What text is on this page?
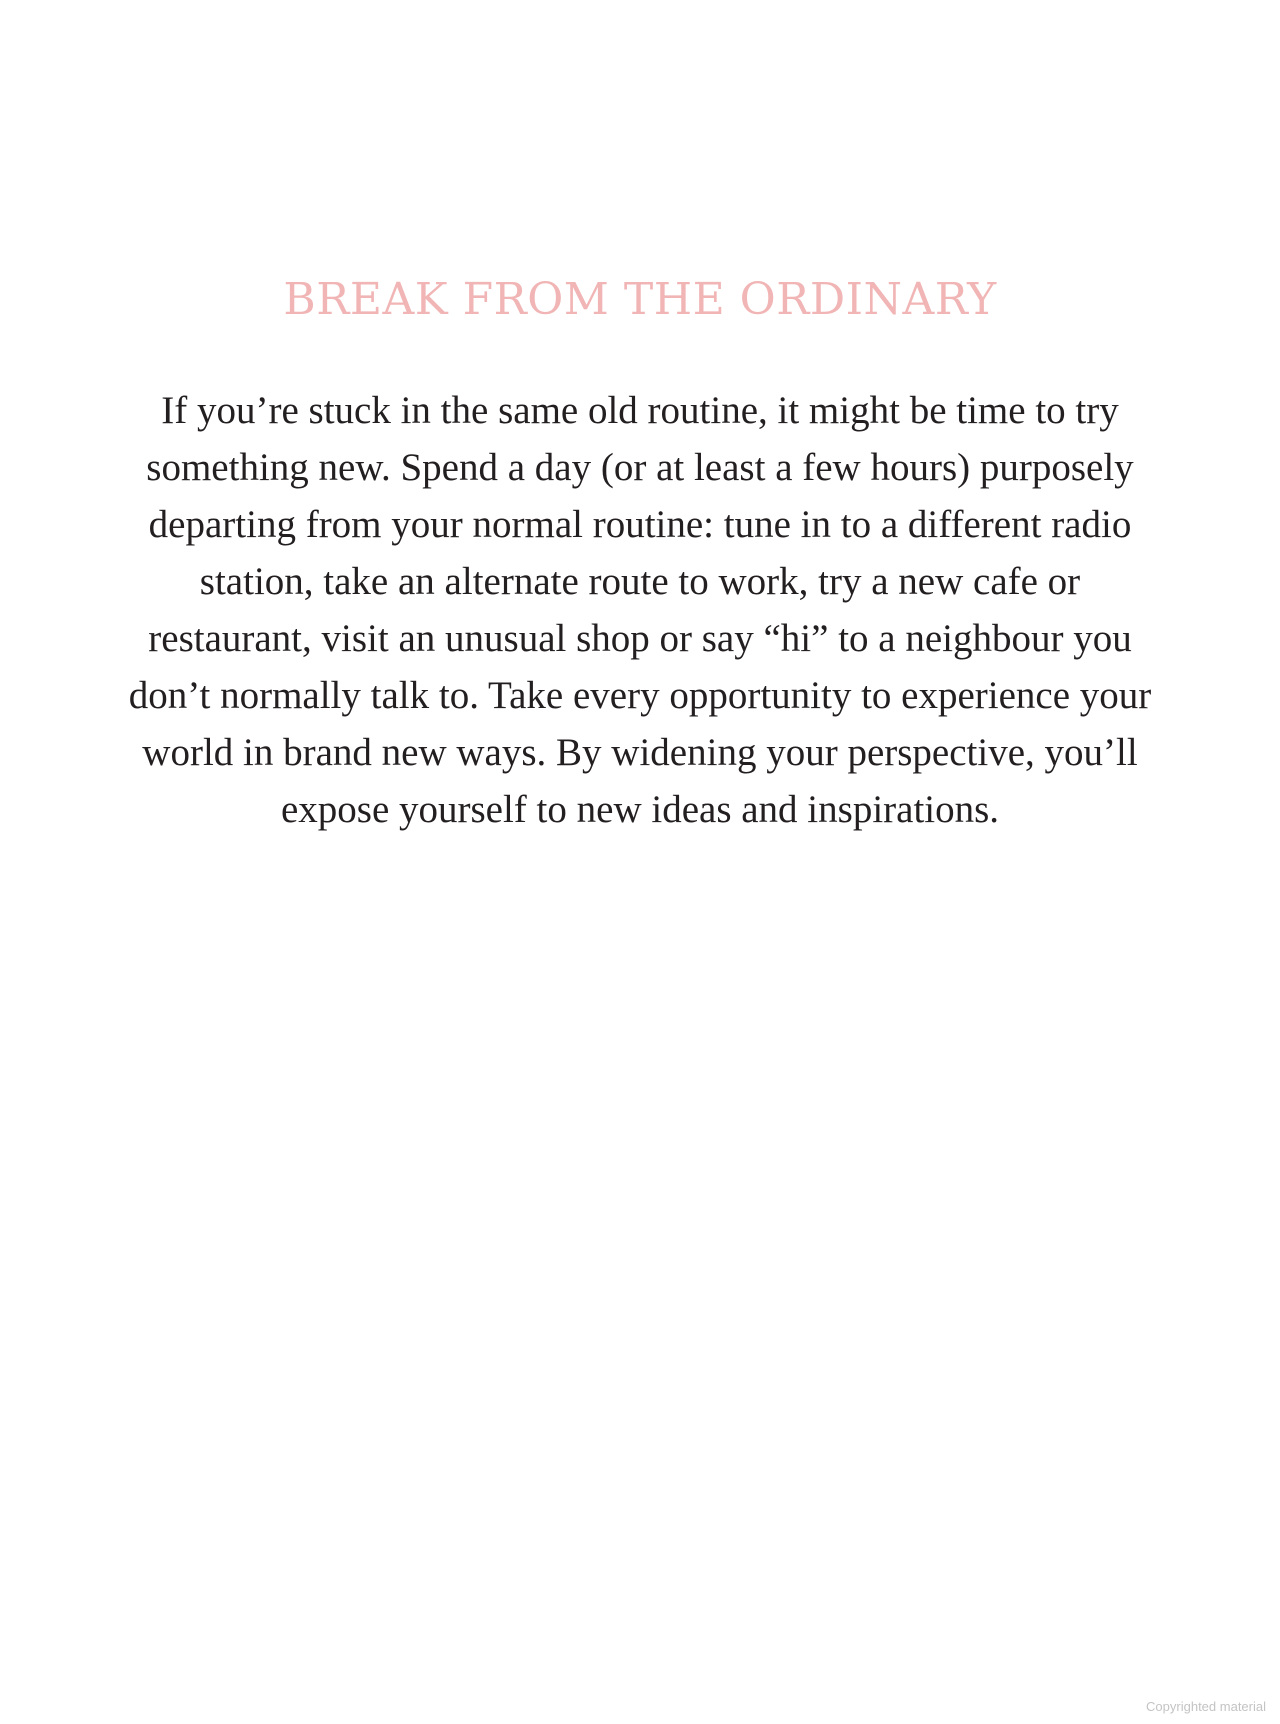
BREAK FROM THE ORDINARY

If you’re stuck in the same old routine, it might be time to try something new. Spend a day (or at least a few hours) purposely departing from your normal routine: tune in to a different radio station, take an alternate route to work, try a new cafe or restaurant, visit an unusual shop or say “hi” to a neighbour you don’t normally talk to. Take every opportunity to experience your world in brand new ways. By widening your perspective, you’ll expose yourself to new ideas and inspirations.

Copyrighted material
